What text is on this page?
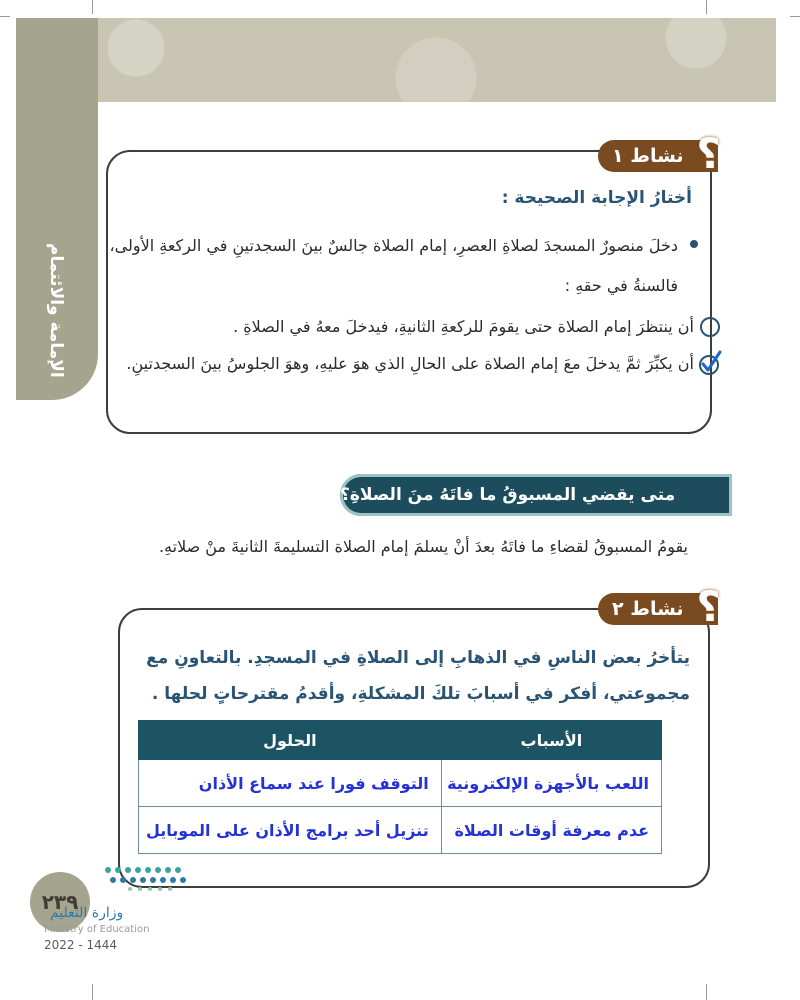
الإمامة والائتمام
نشاط ١ ؟
أختارُ الإجابة الصحيحة :
دخلَ منصورٌ المسجدَ لصلاةِ العصرِ، إمام الصلاة جالسٌ بينَ السجدتينِ في الركعةِ الأولى، فالسنةُ في حقهِ :
أن ينتظرَ إمام الصلاة حتى يقومَ للركعةِ الثانيةِ، فيدخلَ معهُ في الصلاةِ .
أن يكبِّرَ ثمَّ يدخلَ معَ إمام الصلاة على الحالِ الذي هوَ عليهِ، وهوَ الجلوسُ بينَ السجدتينِ.
متى يقضي المسبوقُ ما فاتَهُ منَ الصلاةِ؟
يقومُ المسبوقُ لقضاءِ ما فاتَهُ بعدَ أنْ يسلمَ إمام الصلاة التسليمةَ الثانيةَ منْ صلاتهِ.
نشاط ٢ ؟
يتأخرُ بعض الناسِ في الذهابِ إلى الصلاةِ في المسجدِ. بالتعاونِ مع مجموعتي، أفكر في أسبابَ تلكَ المشكلةِ، وأقدمُ مقترحاتٍ لحلها .
الأسباب	الحلول
اللعب بالأجهزة الإلكترونية	التوقف فورا عند سماع الأذان
عدم معرفة أوقات الصلاة	تنزيل أحد برامج الأذان على الموبايل
٢٣٩
وزارة التعليم
Ministry of Education
2022 - 1444
